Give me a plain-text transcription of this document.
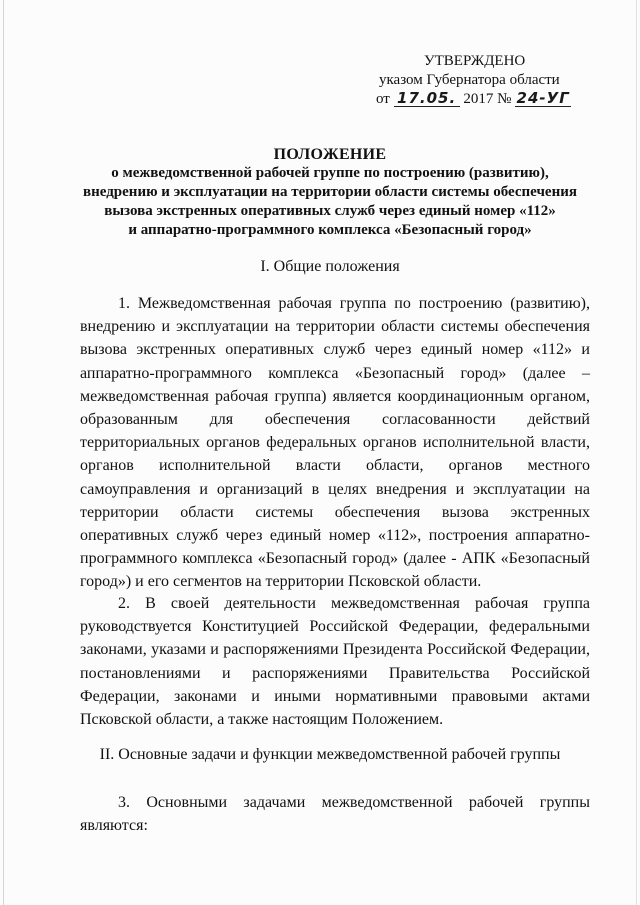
УТВЕРЖДЕНО
указом Губернатора области
от 17.05. 2017 № 24-УГ
ПОЛОЖЕНИЕ
о межведомственной рабочей группе по построению (развитию),
внедрению и эксплуатации на территории области системы обеспечения
вызова экстренных оперативных служб через единый номер «112»
и аппаратно-программного комплекса «Безопасный город»
I. Общие положения
1. Межведомственная рабочая группа по построению (развитию), внедрению и эксплуатации на территории области системы обеспечения вызова экстренных оперативных служб через единый номер «112» и аппаратно-программного комплекса «Безопасный город» (далее – межведомственная рабочая группа) является координационным органом, образованным для обеспечения согласованности действий территориальных органов федеральных органов исполнительной власти, органов исполнительной власти области, органов местного самоуправления и организаций в целях внедрения и эксплуатации на территории области системы обеспечения вызова экстренных оперативных служб через единый номер «112», построения аппаратно-программного комплекса «Безопасный город» (далее - АПК «Безопасный город») и его сегментов на территории Псковской области.
2. В своей деятельности межведомственная рабочая группа руководствуется Конституцией Российской Федерации, федеральными законами, указами и распоряжениями Президента Российской Федерации, постановлениями и распоряжениями Правительства Российской Федерации, законами и иными нормативными правовыми актами Псковской области, а также настоящим Положением.
II. Основные задачи и функции межведомственной рабочей группы
3. Основными задачами межведомственной рабочей группы являются:
